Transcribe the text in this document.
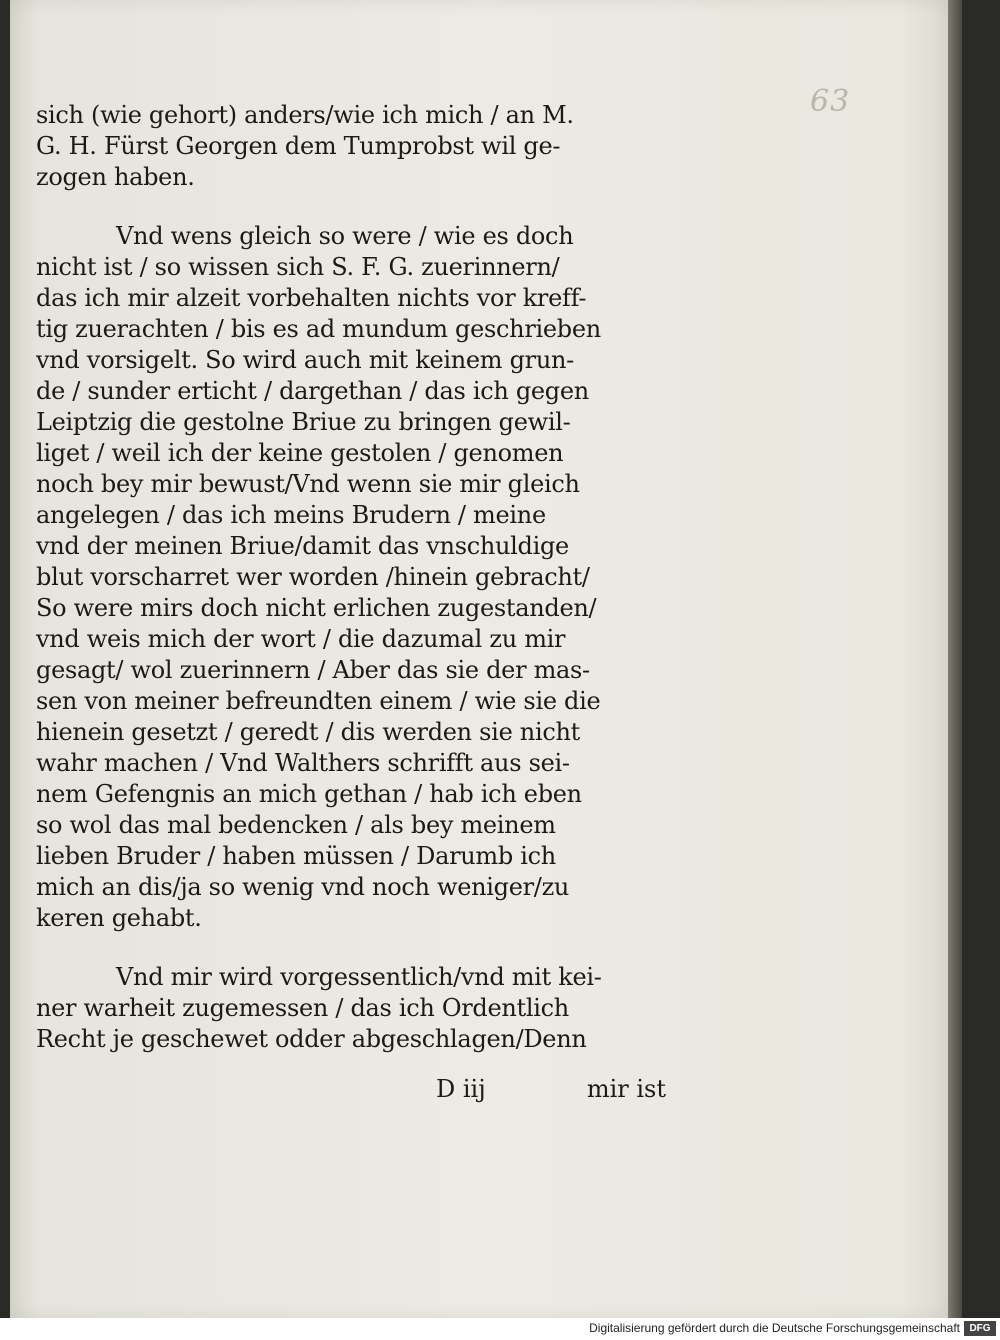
63
sich (wie gehort) anders/wie ich mich / an M.
G. H. Fürst Georgen dem Tumprobst wil ge-
zogen haben.
Vnd wens gleich so were / wie es doch
nicht ist / so wissen sich S. F. G. zuerinnern/
das ich mir alzeit vorbehalten nichts vor kreff-
tig zuerachten / bis es ad mundum geschrieben
vnd vorsigelt. So wird auch mit keinem grun-
de / sunder erticht / dargethan / das ich gegen
Leiptzig die gestolne Briue zu bringen gewil-
liget / weil ich der keine gestolen / genomen
noch bey mir bewust/Vnd wenn sie mir gleich
angelegen / das ich meins Brudern / meine
vnd der meinen Briue/damit das vnschuldige
blut vorscharret wer worden /hinein gebracht/
So were mirs doch nicht erlichen zugestanden/
vnd weis mich der wort / die dazumal zu mir
gesagt/ wol zuerinnern / Aber das sie der mas-
sen von meiner befreundten einem / wie sie die
hienein gesetzt / geredt / dis werden sie nicht
wahr machen / Vnd Walthers schrifft aus sei-
nem Gefengnis an mich gethan / hab ich eben
so wol das mal bedencken / als bey meinem
lieben Bruder / haben müssen / Darumb ich
mich an dis/ja so wenig vnd noch weniger/zu
keren gehabt.
Vnd mir wird vorgessentlich/vnd mit kei-
ner warheit zugemessen / das ich Ordentlich
Recht je geschewet odder abgeschlagen/Denn
D iij	mir ist
Digitalisierung gefördert durch die Deutsche Forschungsgemeinschaft DFG
